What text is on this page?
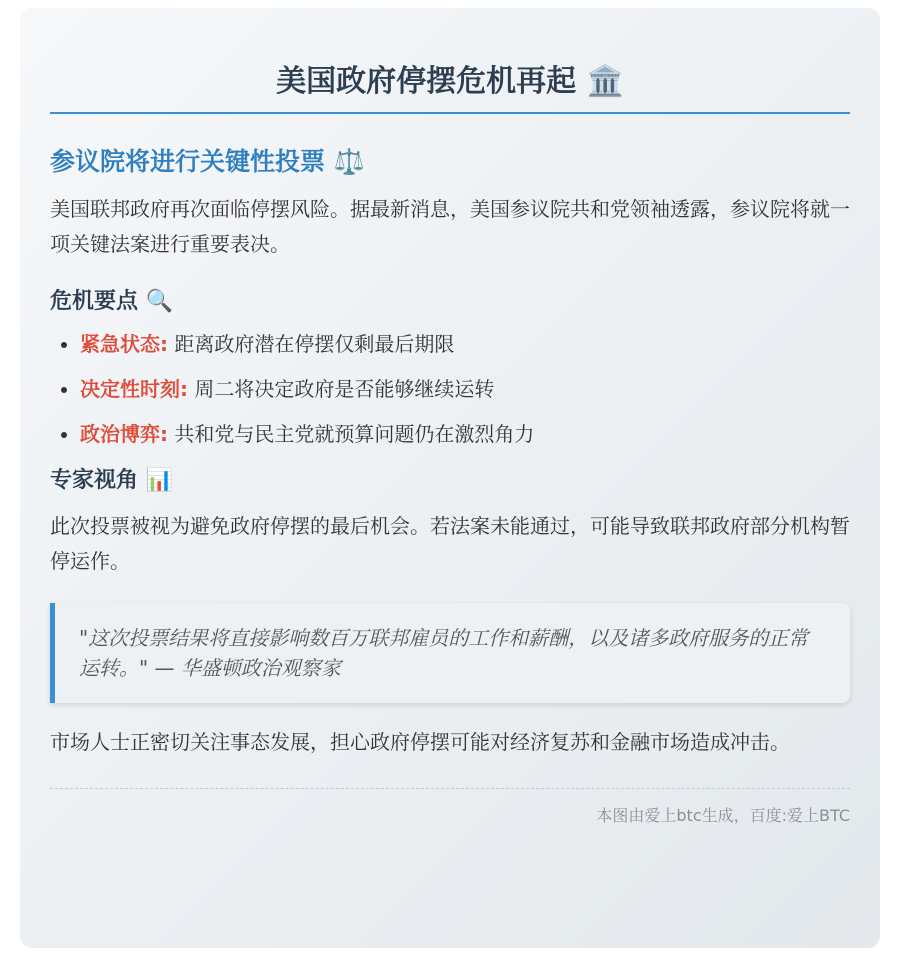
美国政府停摆危机再起 🏛️
参议院将进行关键性投票 ⚖️

美国联邦政府再次面临停摆风险。据最新消息，美国参议院共和党领袖透露，参议院将就一项关键法案进行重要表决。

危机要点 🔍
• 紧急状态: 距离政府潜在停摆仅剩最后期限
• 决定性时刻: 周二将决定政府是否能够继续运转
• 政治博弈: 共和党与民主党就预算问题仍在激烈角力
专家视角 📊

此次投票被视为避免政府停摆的最后机会。若法案未能通过，可能导致联邦政府部分机构暂停运作。

"这次投票结果将直接影响数百万联邦雇员的工作和薪酬，以及诸多政府服务的正常运转。" — 华盛顿政治观察家

市场人士正密切关注事态发展，担心政府停摆可能对经济复苏和金融市场造成冲击。

本图由爱上btc生成，百度:爱上BTC
